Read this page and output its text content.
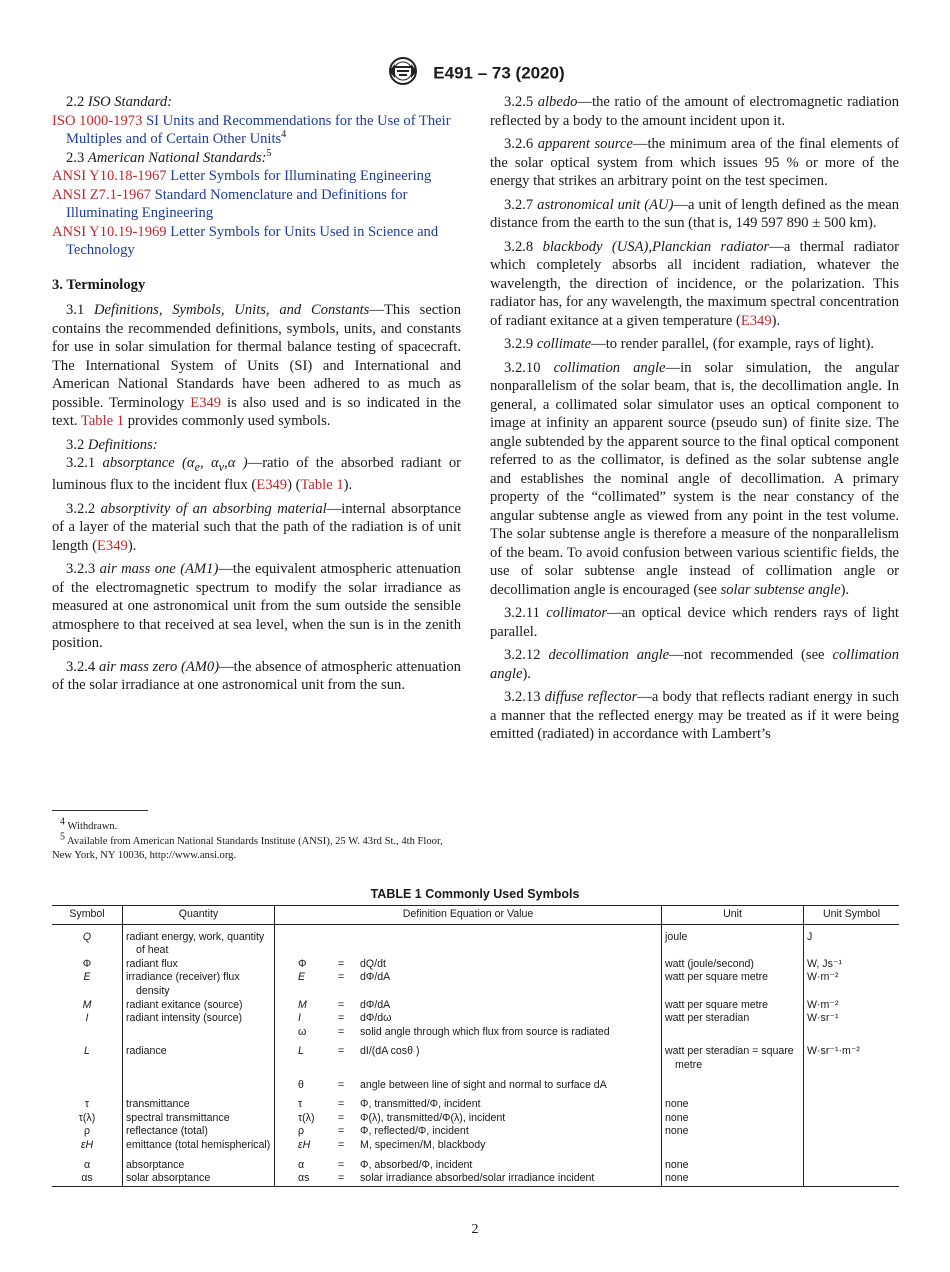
E491 – 73 (2020)

2.2 ISO Standard:

ISO 1000-1973 SI Units and Recommendations for the Use of Their Multiples and of Certain Other Units$^4$

2.3 American National Standards:$^5$

ANSI Y10.18-1967 Letter Symbols for Illuminating Engineering

ANSI Z7.1-1967 Standard Nomenclature and Definitions for Illuminating Engineering

ANSI Y10.19-1969 Letter Symbols for Units Used in Science and Technology

3. Terminology

3.1 Definitions, Symbols, Units, and Constants—This section contains the recommended definitions, symbols, units, and constants for use in solar simulation for thermal balance testing of spacecraft. The International System of Units (SI) and International and American National Standards have been adhered to as much as possible. Terminology E349 is also used and is so indicated in the text. Table 1 provides commonly used symbols.

3.2 Definitions:

3.2.1 absorptance ($\alpha_e$, $\alpha_v,\alpha$ )—ratio of the absorbed radiant or luminous flux to the incident flux (E349) (Table 1).

3.2.2 absorptivity of an absorbing material—internal absorptance of a layer of the material such that the path of the radiation is of unit length (E349).

3.2.3 air mass one (AM1)—the equivalent atmospheric attenuation of the electromagnetic spectrum to modify the solar irradiance as measured at one astronomical unit from the sum outside the sensible atmosphere to that received at sea level, when the sun is in the zenith position.

3.2.4 air mass zero (AM0)—the absence of atmospheric attenuation of the solar irradiance at one astronomical unit from the sun.

$^4$ Withdrawn.
$^5$ Available from American National Standards Institute (ANSI), 25 W. 43rd St., 4th Floor, New York, NY 10036, http://www.ansi.org.

3.2.5 albedo—the ratio of the amount of electromagnetic radiation reflected by a body to the amount incident upon it.

3.2.6 apparent source—the minimum area of the final elements of the solar optical system from which issues 95 % or more of the energy that strikes an arbitrary point on the test specimen.

3.2.7 astronomical unit (AU)—a unit of length defined as the mean distance from the earth to the sun (that is, 149 597 890 ± 500 km).

3.2.8 blackbody (USA),Planckian radiator—a thermal radiator which completely absorbs all incident radiation, whatever the wavelength, the direction of incidence, or the polarization. This radiator has, for any wavelength, the maximum spectral concentration of radiant exitance at a given temperature (E349).

3.2.9 collimate—to render parallel, (for example, rays of light).

3.2.10 collimation angle—in solar simulation, the angular nonparallelism of the solar beam, that is, the decollimation angle. In general, a collimated solar simulator uses an optical component to image at infinity an apparent source (pseudo sun) of finite size. The angle subtended by the apparent source to the final optical component referred to as the collimator, is defined as the solar subtense angle and establishes the nominal angle of decollimation. A primary property of the “collimated” system is the near constancy of the angular subtense angle as viewed from any point in the test volume. The solar subtense angle is therefore a measure of the nonparallelism of the beam. To avoid confusion between various scientific fields, the use of solar subtense angle instead of collimation angle or decollimation angle is encouraged (see solar subtense angle).

3.2.11 collimator—an optical device which renders rays of light parallel.

3.2.12 decollimation angle—not recommended (see collimation angle).

3.2.13 diffuse reflector—a body that reflects radiant energy in such a manner that the reflected energy may be treated as if it were being emitted (radiated) in accordance with Lambert’s

TABLE 1 Commonly Used Symbols
Symbol	Quantity	Definition Equation or Value	Unit	Unit Symbol
Q	radiant energy, work, quantity of heat		joule	J
Φ	radiant flux	Φ = dQ/dt	watt (joule/second)	W, Js⁻¹
E	irradiance (receiver) flux density	E = dΦ/dA	watt per square metre	W·m⁻²
M	radiant exitance (source)	M = dΦ/dA	watt per square metre	W·m⁻²
I	radiant intensity (source)	I = dΦ/dω	watt per steradian	W·sr⁻¹

		ω = solid angle through which flux from source is radiated		

L	radiance	L = dI/(dA cosθ )	watt per steradian = square metre	W·sr⁻¹·m⁻²

		θ = angle between line of sight and normal to surface dA		

τ	transmittance	τ = Φ, transmitted/Φ, incident	none	

τ(λ)	spectral transmittance	τ(λ) = Φ(λ), transmitted/Φ(λ), incident	none	

ρ	reflectance (total)	ρ = Φ, reflected/Φ, incident	none	

εH	emittance (total hemispherical)	εH = M, specimen/M, blackbody		

α	absorptance	α = Φ, absorbed/Φ, incident	none	

αs	solar absorptance	αs = solar irradiance absorbed/solar irradiance incident	none	

2
